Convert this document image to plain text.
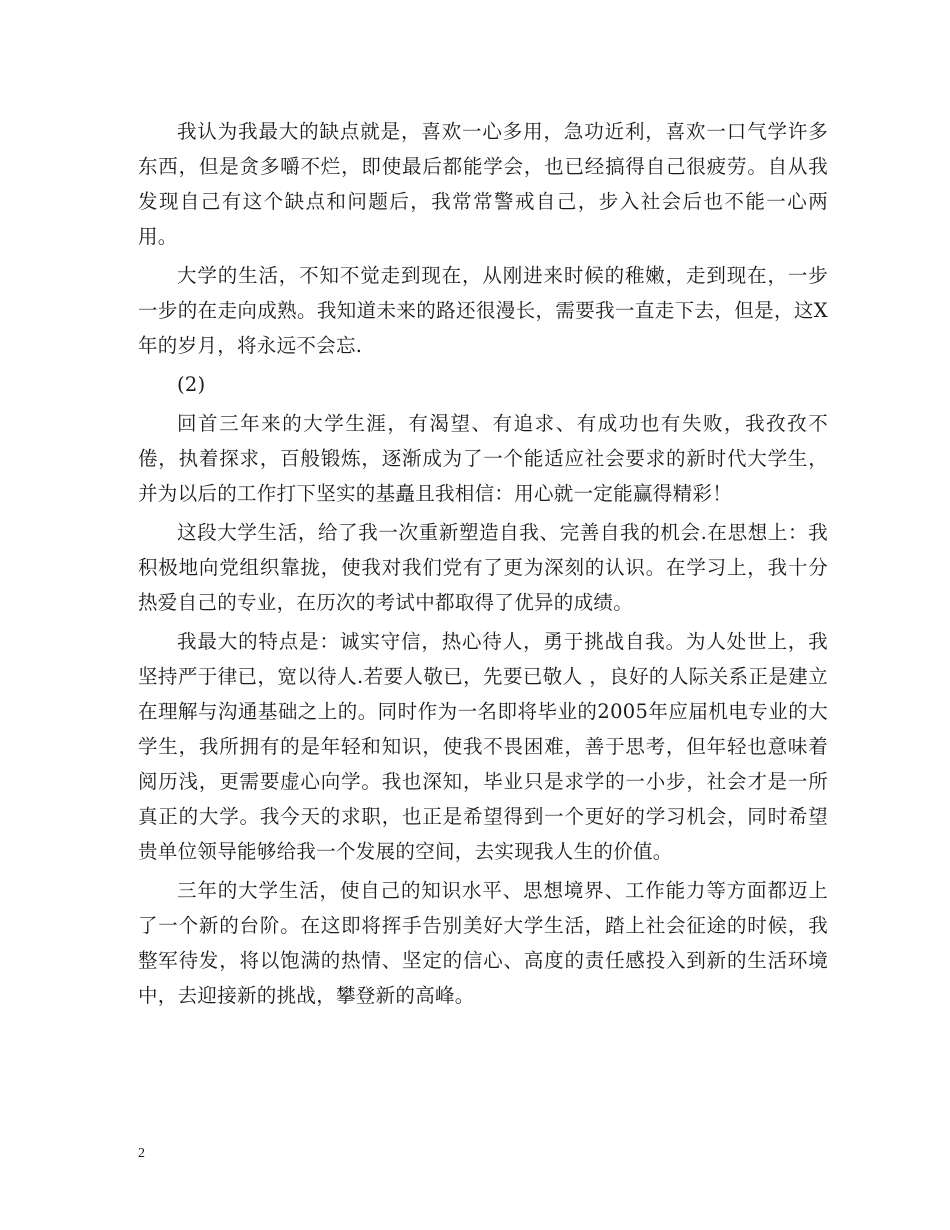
我认为我最大的缺点就是，喜欢一心多用，急功近利，喜欢一口气学许多东西，但是贪多嚼不烂，即使最后都能学会，也已经搞得自己很疲劳。自从我发现自己有这个缺点和问题后，我常常警戒自己，步入社会后也不能一心两用。

大学的生活，不知不觉走到现在，从刚进来时候的稚嫩，走到现在，一步一步的在走向成熟。我知道未来的路还很漫长，需要我一直走下去，但是，这X年的岁月，将永远不会忘.

(2)

回首三年来的大学生涯，有渴望、有追求、有成功也有失败，我孜孜不倦，执着探求，百般锻炼，逐渐成为了一个能适应社会要求的新时代大学生，并为以后的工作打下坚实的基矗且我相信：用心就一定能赢得精彩！

这段大学生活，给了我一次重新塑造自我、完善自我的机会.在思想上：我积极地向党组织靠拢，使我对我们党有了更为深刻的认识。在学习上，我十分热爱自己的专业，在历次的考试中都取得了优异的成绩。

我最大的特点是：诚实守信，热心待人，勇于挑战自我。为人处世上，我坚持严于律已，宽以待人.若要人敬已，先要已敬人 ，良好的人际关系正是建立在理解与沟通基础之上的。同时作为一名即将毕业的2005年应届机电专业的大学生，我所拥有的是年轻和知识，使我不畏困难，善于思考，但年轻也意味着阅历浅，更需要虚心向学。我也深知，毕业只是求学的一小步，社会才是一所真正的大学。我今天的求职，也正是希望得到一个更好的学习机会，同时希望贵单位领导能够给我一个发展的空间，去实现我人生的价值。

三年的大学生活，使自己的知识水平、思想境界、工作能力等方面都迈上了一个新的台阶。在这即将挥手告别美好大学生活，踏上社会征途的时候，我整军待发，将以饱满的热情、坚定的信心、高度的责任感投入到新的生活环境中，去迎接新的挑战，攀登新的高峰。

2
